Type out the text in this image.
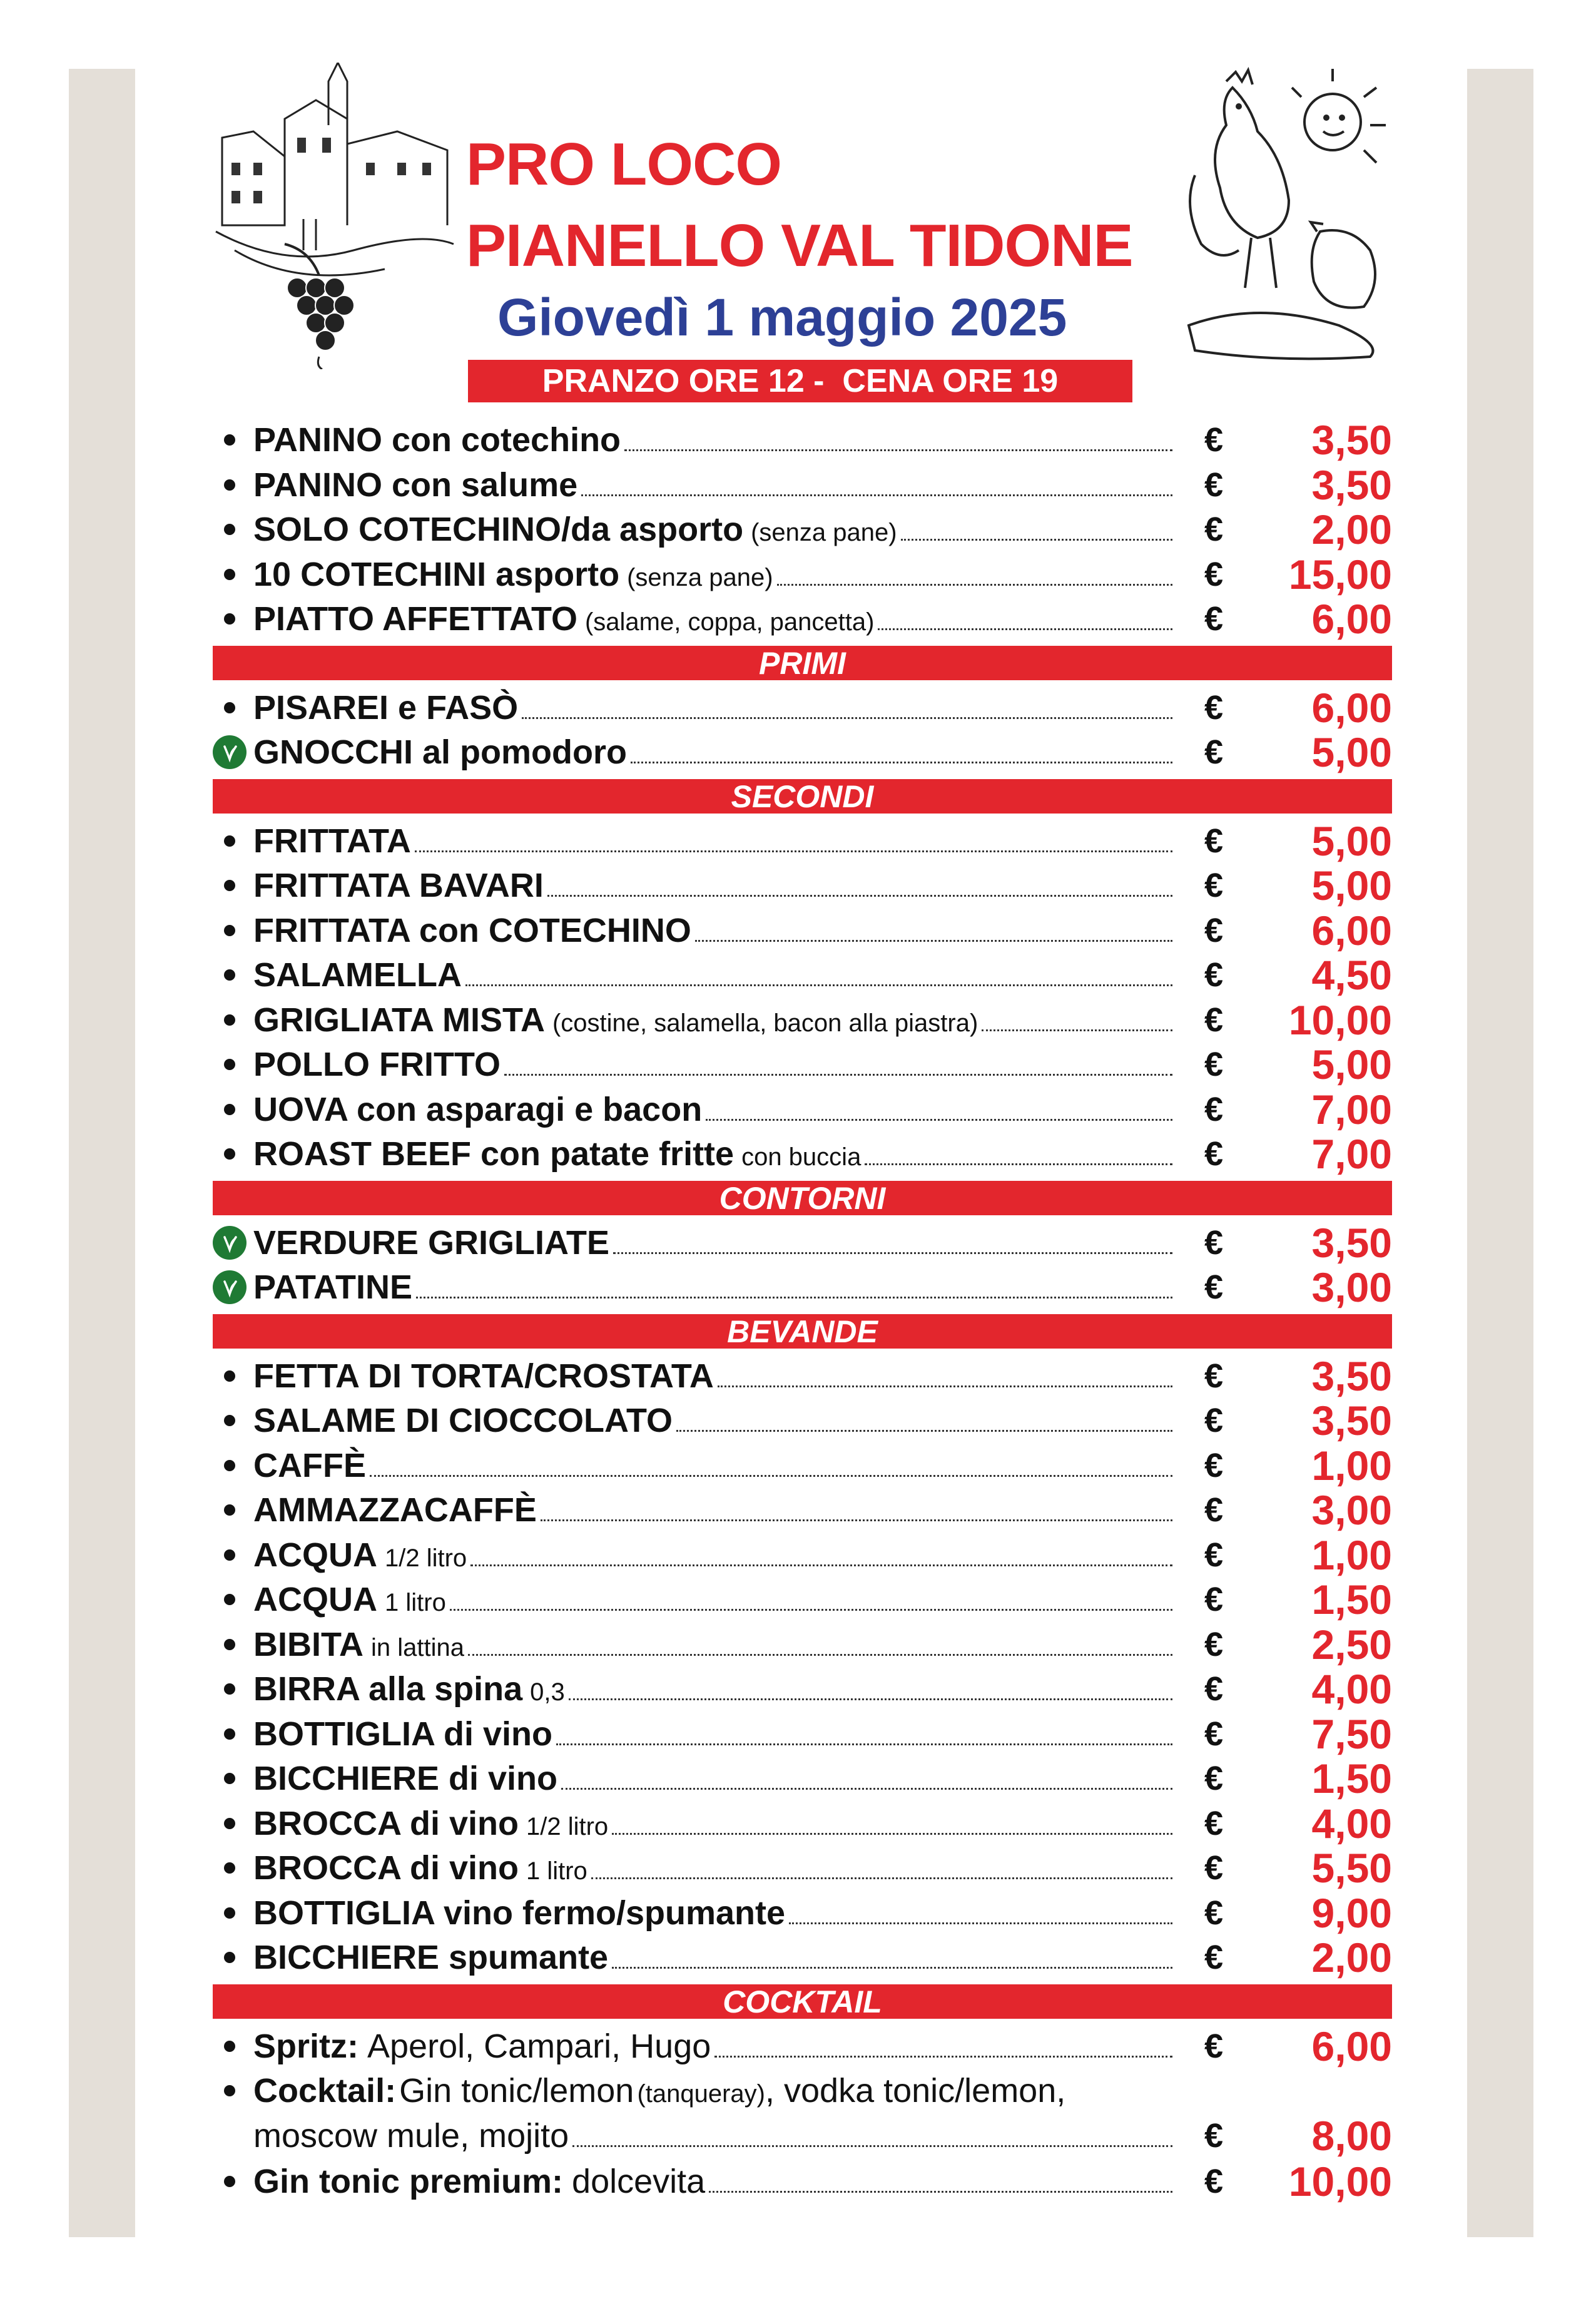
PRO LOCO
PIANELLO VAL TIDONE
Giovedì 1 maggio 2025
PRANZO ORE 12 -  CENA ORE 19
PANINO con cotechino	€ 3,50
PANINO con salume	€ 3,50
SOLO COTECHINO/da asporto (senza pane)	€ 2,00
10 COTECHINI asporto (senza pane)	€ 15,00
PIATTO AFFETTATO (salame, coppa, pancetta)	€ 6,00
PRIMI
PISAREI e FASÒ	€ 6,00
GNOCCHI al pomodoro	€ 5,00
SECONDI
FRITTATA	€ 5,00
FRITTATA BAVARI	€ 5,00
FRITTATA con COTECHINO	€ 6,00
SALAMELLA	€ 4,50
GRIGLIATA MISTA (costine, salamella, bacon alla piastra)	€ 10,00
POLLO FRITTO	€ 5,00
UOVA con asparagi e bacon	€ 7,00
ROAST BEEF con patate fritte con buccia	€ 7,00
CONTORNI
VERDURE GRIGLIATE	€ 3,50
PATATINE	€ 3,00
BEVANDE
FETTA DI TORTA/CROSTATA	€ 3,50
SALAME DI CIOCCOLATO	€ 3,50
CAFFÈ	€ 1,00
AMMAZZACAFFÈ	€ 3,00
ACQUA 1/2 litro	€ 1,00
ACQUA 1 litro	€ 1,50
BIBITA in lattina	€ 2,50
BIRRA alla spina 0,3	€ 4,00
BOTTIGLIA di vino	€ 7,50
BICCHIERE di vino	€ 1,50
BROCCA di vino 1/2 litro	€ 4,00
BROCCA di vino 1 litro	€ 5,50
BOTTIGLIA vino fermo/spumante	€ 9,00
BICCHIERE spumante	€ 2,00
COCKTAIL
Spritz: Aperol, Campari, Hugo	€ 6,00
Cocktail: Gin tonic/lemon (tanqueray), vodka tonic/lemon,
moscow mule, mojito	€ 8,00
Gin tonic premium: dolcevita	€ 10,00
